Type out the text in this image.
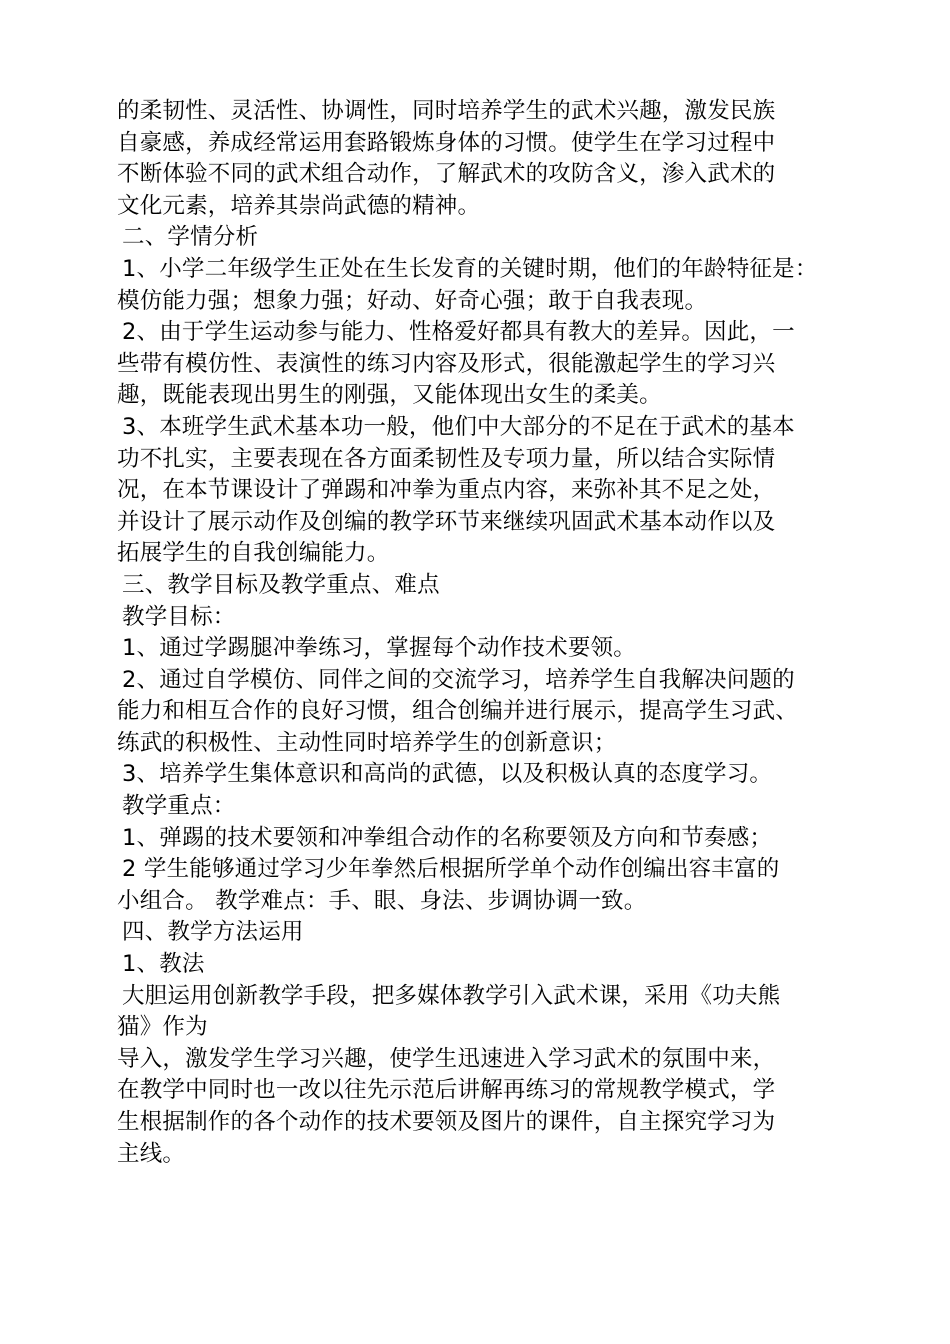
的柔韧性、灵活性、协调性，同时培养学生的武术兴趣，激发民族
自豪感，养成经常运用套路锻炼身体的习惯。使学生在学习过程中
不断体验不同的武术组合动作，了解武术的攻防含义，渗入武术的
文化元素，培养其崇尚武德的精神。
二、学情分析
1、小学二年级学生正处在生长发育的关键时期，他们的年龄特征是：
模仿能力强；想象力强；好动、好奇心强；敢于自我表现。
2、由于学生运动参与能力、性格爱好都具有教大的差异。因此，一
些带有模仿性、表演性的练习内容及形式，很能激起学生的学习兴
趣，既能表现出男生的刚强，又能体现出女生的柔美。
3、本班学生武术基本功一般，他们中大部分的不足在于武术的基本
功不扎实，主要表现在各方面柔韧性及专项力量，所以结合实际情
况，在本节课设计了弹踢和冲拳为重点内容，来弥补其不足之处，
并设计了展示动作及创编的教学环节来继续巩固武术基本动作以及
拓展学生的自我创编能力。
三、教学目标及教学重点、难点
教学目标：
1、通过学踢腿冲拳练习，掌握每个动作技术要领。
2、通过自学模仿、同伴之间的交流学习，培养学生自我解决问题的
能力和相互合作的良好习惯，组合创编并进行展示，提高学生习武、
练武的积极性、主动性同时培养学生的创新意识；
3、培养学生集体意识和高尚的武德，以及积极认真的态度学习。
教学重点：
1、弹踢的技术要领和冲拳组合动作的名称要领及方向和节奏感；
2 学生能够通过学习少年拳然后根据所学单个动作创编出容丰富的
小组合。 教学难点：手、眼、身法、步调协调一致。
四、教学方法运用
1、教法
大胆运用创新教学手段，把多媒体教学引入武术课，采用《功夫熊
猫》作为
导入，激发学生学习兴趣，使学生迅速进入学习武术的氛围中来，
在教学中同时也一改以往先示范后讲解再练习的常规教学模式，学
生根据制作的各个动作的技术要领及图片的课件，自主探究学习为
主线。
